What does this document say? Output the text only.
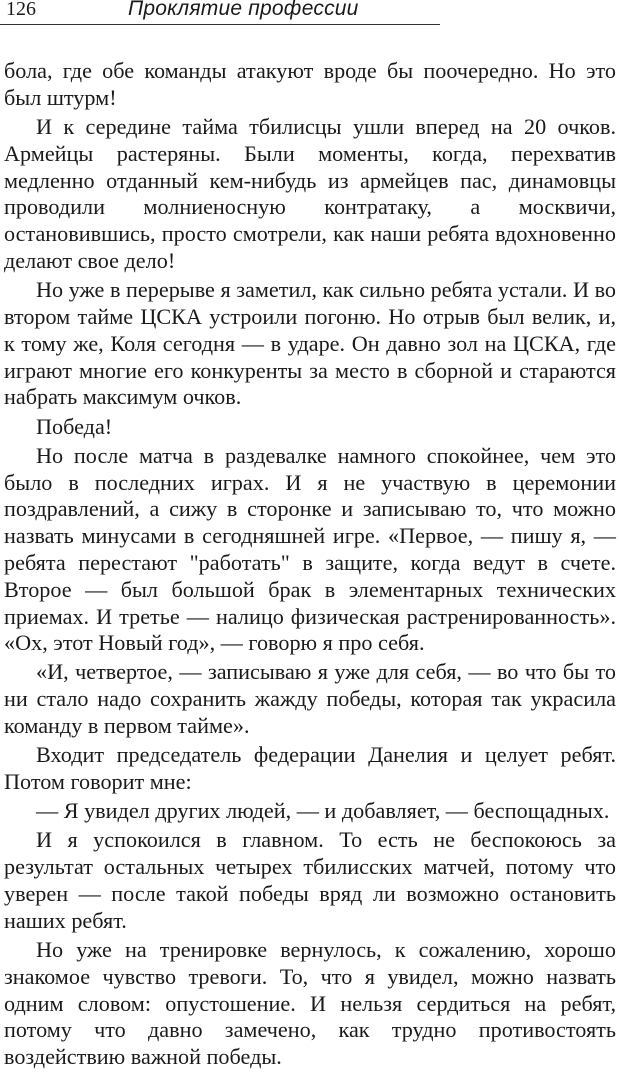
126	Проклятие профессии

бола, где обе команды атакуют вроде бы поочередно. Но это был штурм!

И к середине тайма тбилисцы ушли вперед на 20 очков. Армейцы растеряны. Были моменты, когда, перехватив медленно отданный кем-нибудь из армейцев пас, динамовцы проводили молниеносную контратаку, а москвичи, остановившись, просто смотрели, как наши ребята вдохновенно делают свое дело!

Но уже в перерыве я заметил, как сильно ребята устали. И во втором тайме ЦСКА устроили погоню. Но отрыв был велик, и, к тому же, Коля сегодня — в ударе. Он давно зол на ЦСКА, где играют многие его конкуренты за место в сборной и стараются набрать максимум очков.

Победа!

Но после матча в раздевалке намного спокойнее, чем это было в последних играх. И я не участвую в церемонии поздравлений, а сижу в сторонке и записываю то, что можно назвать минусами в сегодняшней игре. «Первое, — пишу я, — ребята перестают "работать" в защите, когда ведут в счете. Второе — был большой брак в элементарных технических приемах. И третье — налицо физическая растренированность». «Ох, этот Новый год», — говорю я про себя.

«И, четвертое, — записываю я уже для себя, — во что бы то ни стало надо сохранить жажду победы, которая так украсила команду в первом тайме».

Входит председатель федерации Данелия и целует ребят. Потом говорит мне:

— Я увидел других людей, — и добавляет, — беспощадных.

И я успокоился в главном. То есть не беспокоюсь за результат остальных четырех тбилисских матчей, потому что уверен — после такой победы вряд ли возможно остановить наших ребят.

Но уже на тренировке вернулось, к сожалению, хорошо знакомое чувство тревоги. То, что я увидел, можно назвать одним словом: опустошение. И нельзя сердиться на ребят, потому что давно замечено, как трудно противостоять воздействию важной победы.
